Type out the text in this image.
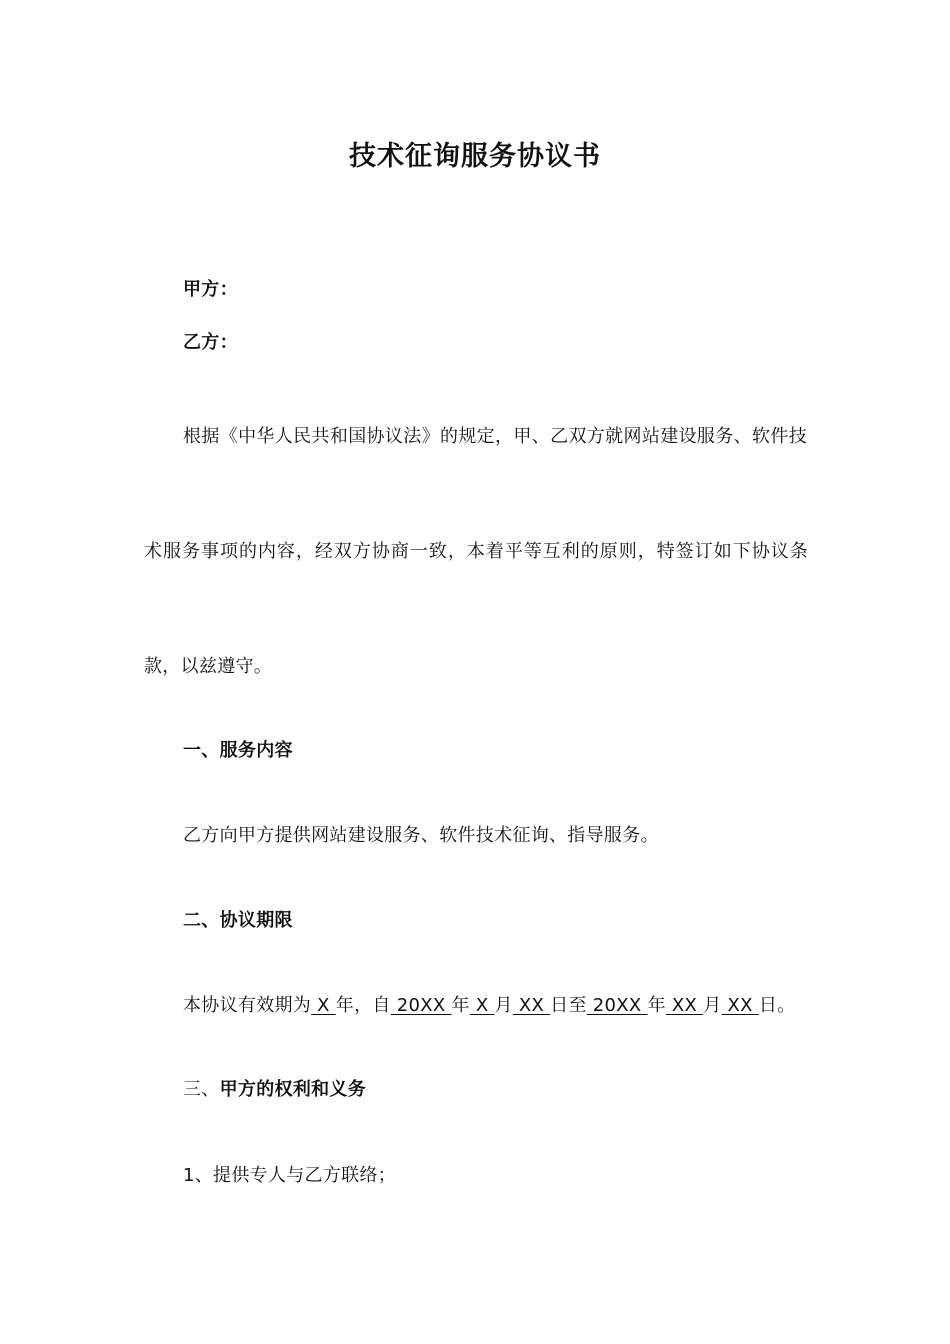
技术征询服务协议书
甲方：
乙方：
根据《中华人民共和国协议法》的规定，甲、乙双方就网站建设服务、软件技
术服务事项的内容，经双方协商一致，本着平等互利的原则，特签订如下协议条
款，以兹遵守。
一、服务内容
乙方向甲方提供网站建设服务、软件技术征询、指导服务。
二、协议期限
本协议有效期为 X 年，自 20XX 年 X 月 XX 日至 20XX 年 XX 月 XX 日。
三、甲方的权利和义务
1、提供专人与乙方联络；
